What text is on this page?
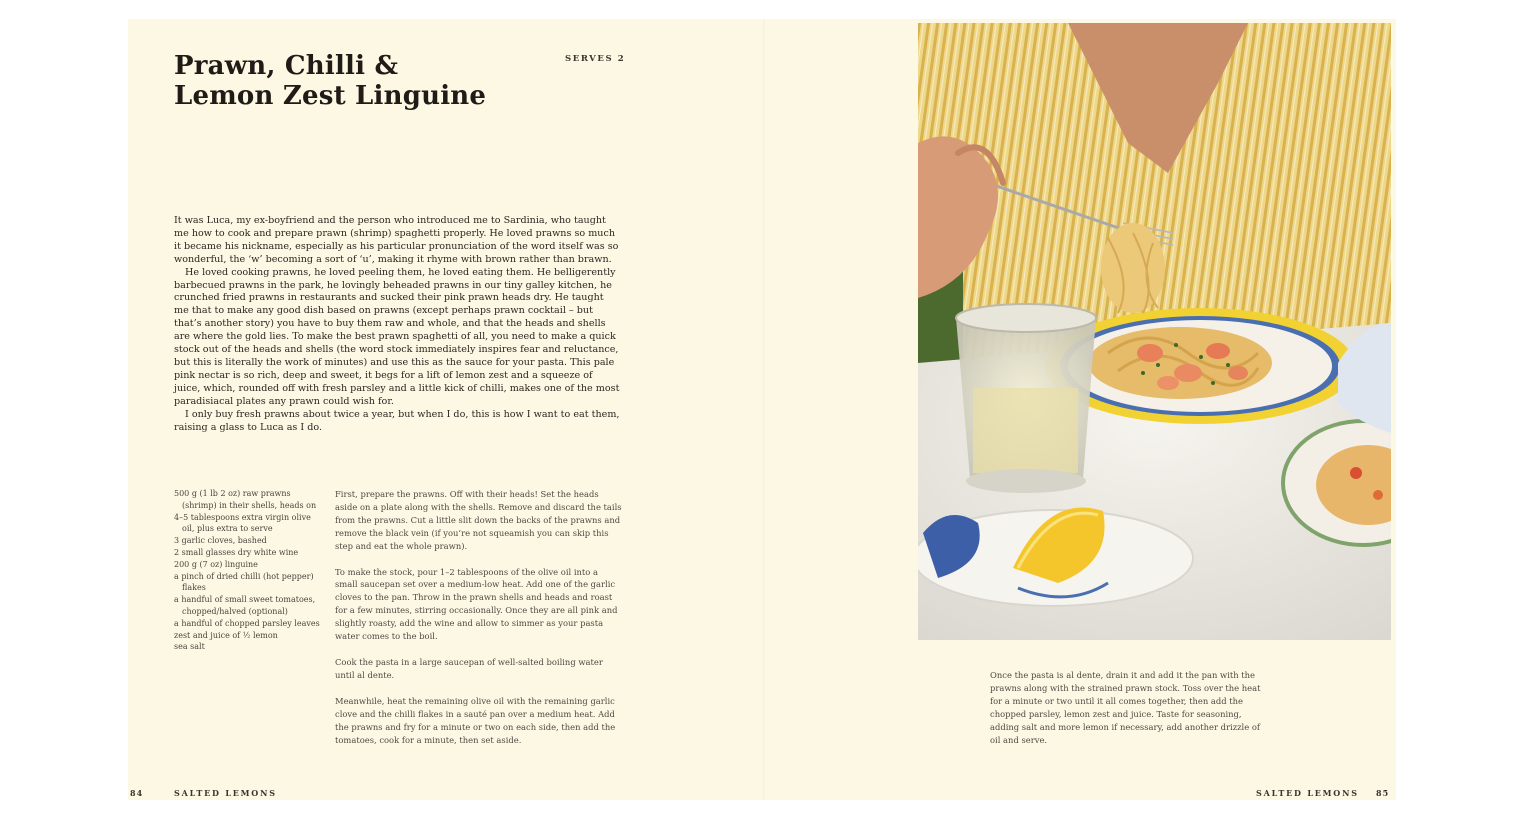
Prawn, Chilli &
Lemon Zest Linguine
SERVES 2

It was Luca, my ex-boyfriend and the person who introduced me to Sardinia, who taught me how to cook and prepare prawn (shrimp) spaghetti properly. He loved prawns so much it became his nickname, especially as his particular pronunciation of the word itself was so wonderful, the ‘w’ becoming a sort of ‘u’, making it rhyme with brown rather than brawn.

He loved cooking prawns, he loved peeling them, he loved eating them. He belligerently barbecued prawns in the park, he lovingly beheaded prawns in our tiny galley kitchen, he crunched fried prawns in restaurants and sucked their pink prawn heads dry. He taught me that to make any good dish based on prawns (except perhaps prawn cocktail – but that’s another story) you have to buy them raw and whole, and that the heads and shells are where the gold lies. To make the best prawn spaghetti of all, you need to make a quick stock out of the heads and shells (the word stock immediately inspires fear and reluctance, but this is literally the work of minutes) and use this as the sauce for your pasta. This pale pink nectar is so rich, deep and sweet, it begs for a lift of lemon zest and a squeeze of juice, which, rounded off with fresh parsley and a little kick of chilli, makes one of the most paradisiacal plates any prawn could wish for.

I only buy fresh prawns about twice a year, but when I do, this is how I want to eat them, raising a glass to Luca as I do.

500 g (1 lb 2 oz) raw prawns (shrimp) in their shells, heads on
4–5 tablespoons extra virgin olive oil, plus extra to serve
3 garlic cloves, bashed
2 small glasses dry white wine
200 g (7 oz) linguine
a pinch of dried chilli (hot pepper) flakes
a handful of small sweet tomatoes, chopped/halved (optional)
a handful of chopped parsley leaves
zest and juice of ½ lemon
sea salt

First, prepare the prawns. Off with their heads! Set the heads aside on a plate along with the shells. Remove and discard the tails from the prawns. Cut a little slit down the backs of the prawns and remove the black vein (if you’re not squeamish you can skip this step and eat the whole prawn).

To make the stock, pour 1–2 tablespoons of the olive oil into a small saucepan set over a medium-low heat. Add one of the garlic cloves to the pan. Throw in the prawn shells and heads and roast for a few minutes, stirring occasionally. Once they are all pink and slightly roasty, add the wine and allow to simmer as your pasta water comes to the boil.

Cook the pasta in a large saucepan of well-salted boiling water until al dente.

Meanwhile, heat the remaining olive oil with the remaining garlic clove and the chilli flakes in a sauté pan over a medium heat. Add the prawns and fry for a minute or two on each side, then add the tomatoes, cook for a minute, then set aside.

84	SALTED LEMONS

Once the pasta is al dente, drain it and add it the pan with the prawns along with the strained prawn stock. Toss over the heat for a minute or two until it all comes together, then add the chopped parsley, lemon zest and juice. Taste for seasoning, adding salt and more lemon if necessary, add another drizzle of oil and serve.

SALTED LEMONS 85
